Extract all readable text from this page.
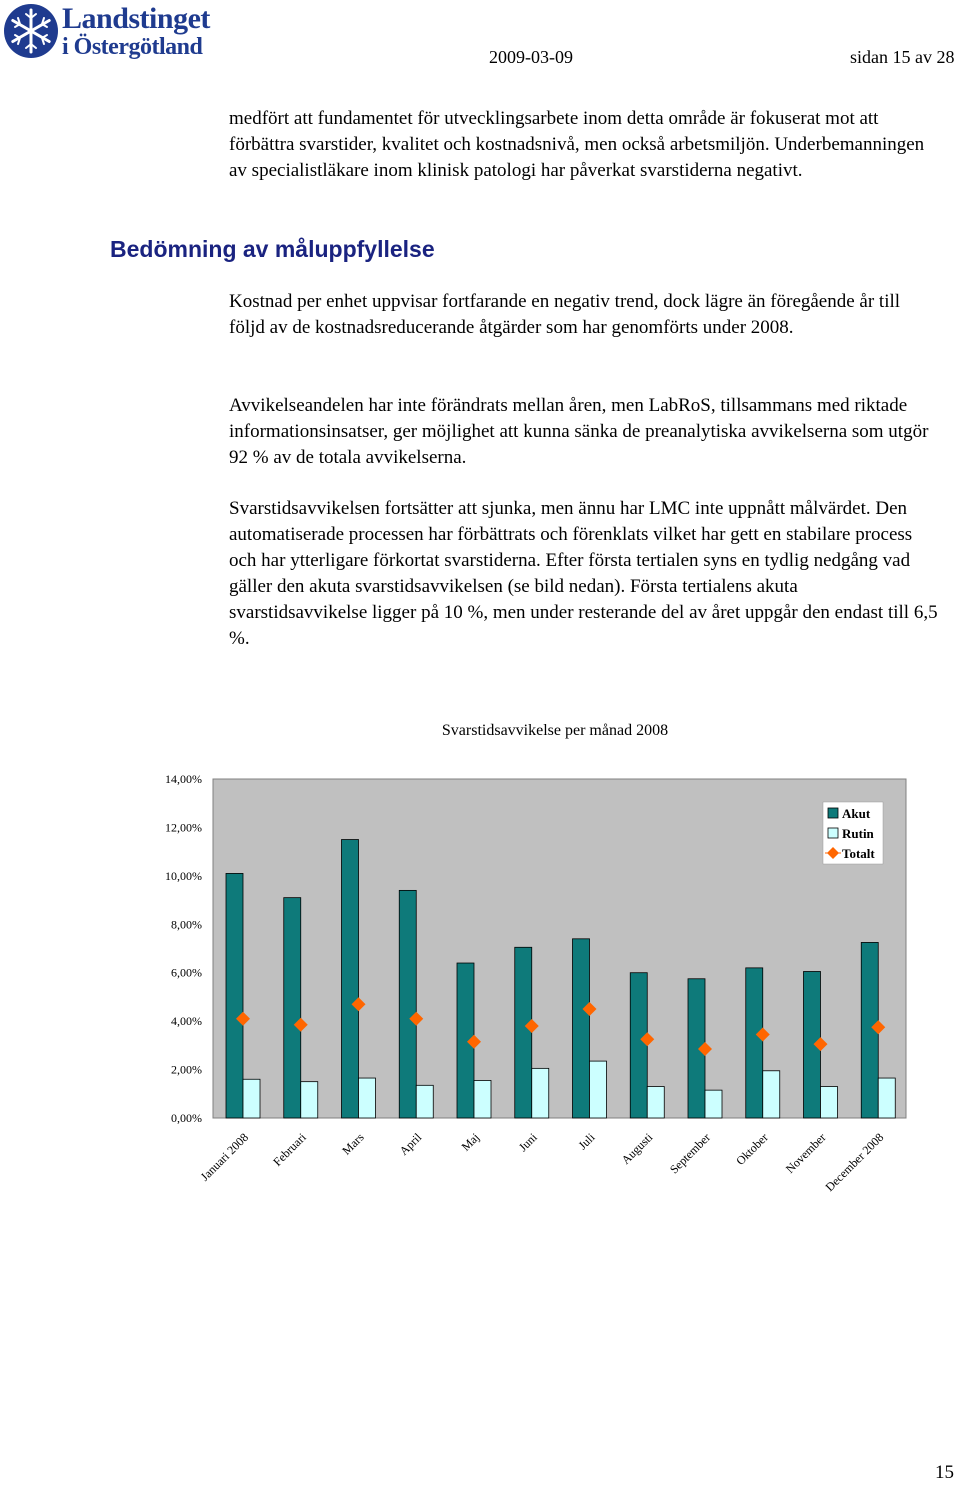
Landstinget
i Östergötland	2009-03-09	sidan 15 av 28

medfört att fundamentet för utvecklingsarbete inom detta område är fokuserat mot att förbättra svarstider, kvalitet och kostnadsnivå, men också arbetsmiljön. Underbemanningen av specialistläkare inom klinisk patologi har påverkat svarstiderna negativt.

Bedömning av måluppfyllelse

Kostnad per enhet uppvisar fortfarande en negativ trend, dock lägre än föregående år till följd av de kostnadsreducerande åtgärder som har genomförts under 2008.

Avvikelseandelen har inte förändrats mellan åren, men LabRoS, tillsammans med riktade informationsinsatser, ger möjlighet att kunna sänka de preanalytiska avvikelserna som utgör 92 % av de totala avvikelserna.

Svarstidsavvikelsen fortsätter att sjunka, men ännu har LMC inte uppnått målvärdet. Den automatiserade processen har förbättrats och förenklats vilket har gett en stabilare process och har ytterligare förkortat svarstiderna. Efter första tertialen syns en tydlig nedgång vad gäller den akuta svarstidsavvikelsen (se bild nedan). Första tertialens akuta svarstidsavvikelse ligger på 10 %, men under resterande del av året uppgår den endast till 6,5 %.

Svarstidsavvikelse per månad 2008
0,00%
2,00%
4,00%
6,00%
8,00%
10,00%
12,00%
14,00%
Januari 2008 Februari	Mars April	Maj	Juni	Juli Augusti September Oktober November
December 2008
Akut
Rutin
Totalt
15
